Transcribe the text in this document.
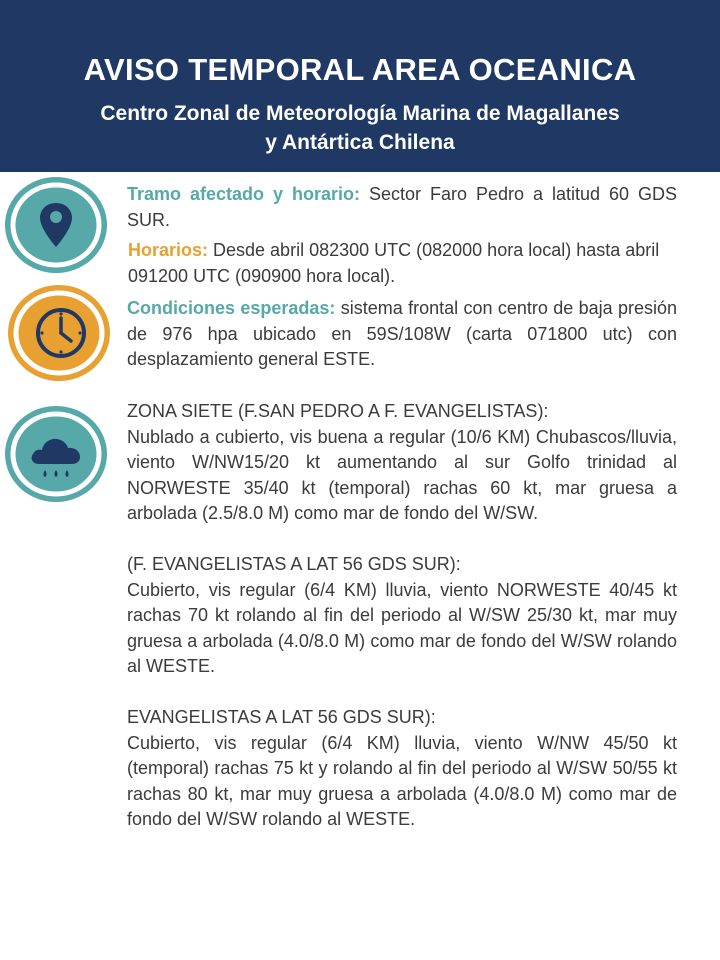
AVISO TEMPORAL AREA OCEANICA
Centro Zonal de Meteorología Marina de Magallanes
y Antártica Chilena
Tramo afectado y horario: Sector Faro Pedro a latitud 60 GDS SUR.
Horarios: Desde abril 082300 UTC (082000 hora local) hasta abril 091200 UTC (090900 hora local).
Condiciones esperadas: sistema frontal con centro de baja presión de 976 hpa ubicado en 59S/108W (carta 071800 utc) con desplazamiento general ESTE.
ZONA SIETE (F.SAN PEDRO A F. EVANGELISTAS):
Nublado a cubierto, vis buena a regular (10/6 KM) Chubascos/lluvia, viento W/NW15/20 kt aumentando al sur Golfo trinidad al NORWESTE 35/40 kt (temporal) rachas 60 kt, mar gruesa a arbolada (2.5/8.0 M) como mar de fondo del W/SW.
(F. EVANGELISTAS A LAT 56 GDS SUR):
Cubierto, vis regular (6/4 KM) lluvia, viento NORWESTE 40/45 kt rachas 70 kt rolando al fin del periodo al W/SW 25/30 kt, mar muy gruesa a arbolada (4.0/8.0 M) como mar de fondo del W/SW rolando al WESTE.
EVANGELISTAS A LAT 56 GDS SUR):
Cubierto, vis regular (6/4 KM) lluvia, viento W/NW 45/50 kt (temporal) rachas 75 kt y rolando al fin del periodo al W/SW 50/55 kt rachas 80 kt, mar muy gruesa a arbolada (4.0/8.0 M) como mar de fondo del W/SW rolando al WESTE.
